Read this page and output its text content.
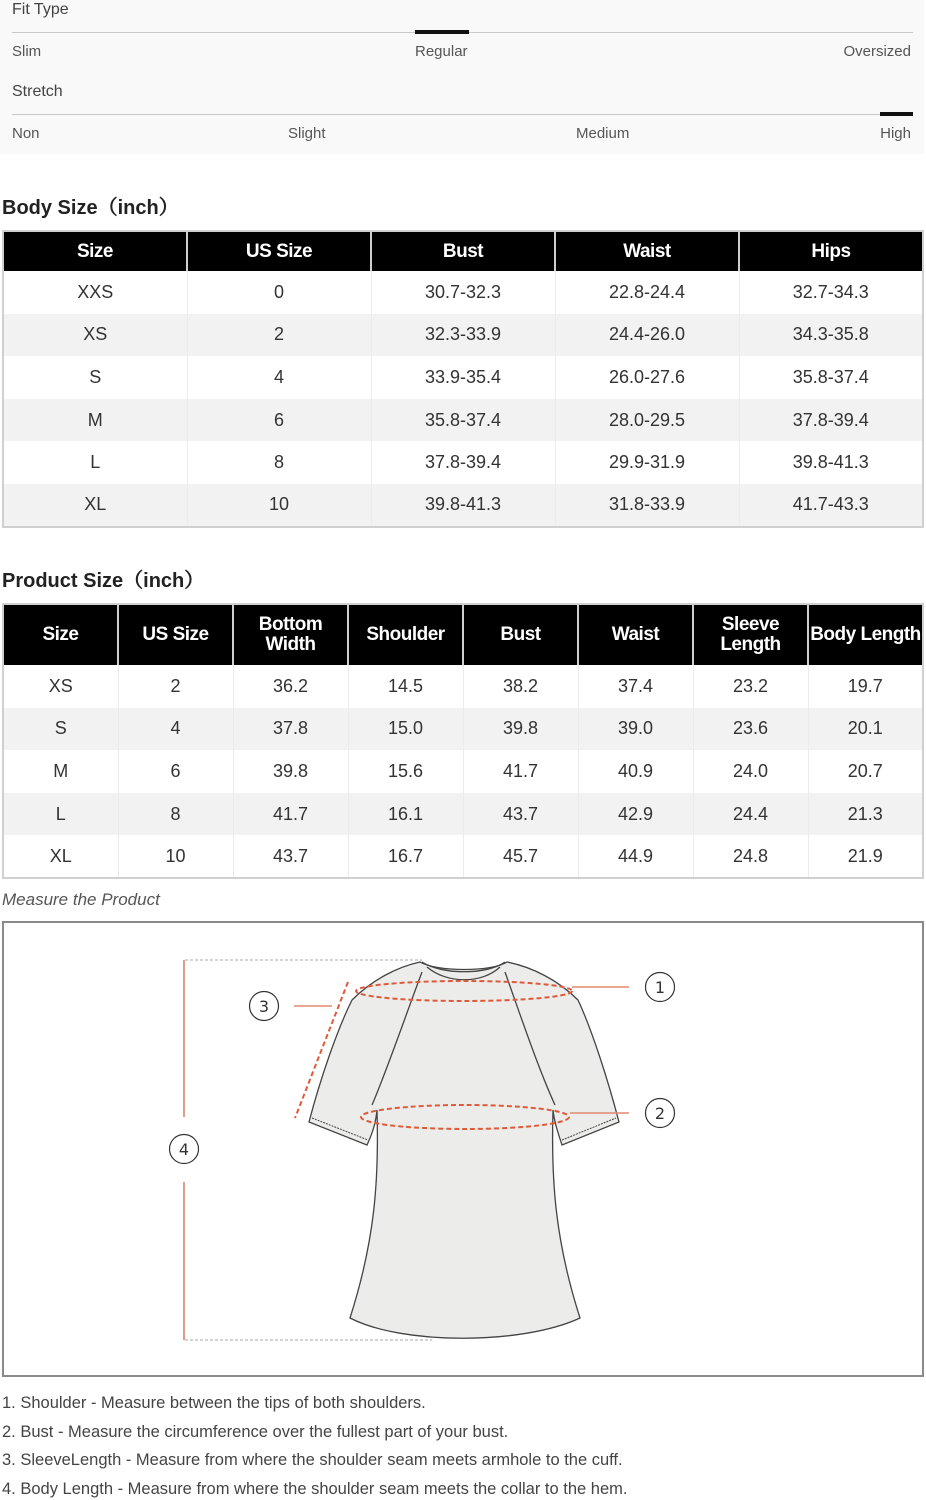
Fit Type
Slim	Regular	Oversized
Stretch
Non	Slight	Medium	High
Body Size（inch）
Size	US Size	Bust	Waist	Hips
XXS	0	30.7-32.3	22.8-24.4	32.7-34.3
XS	2	32.3-33.9	24.4-26.0	34.3-35.8
S	4	33.9-35.4	26.0-27.6	35.8-37.4
M	6	35.8-37.4	28.0-29.5	37.8-39.4
L	8	37.8-39.4	29.9-31.9	39.8-41.3
XL	10	39.8-41.3	31.8-33.9	41.7-43.3
Product Size（inch）
Size	US Size	Bottom Width	Shoulder	Bust	Waist	Sleeve Length	Body Length
XS	2	36.2	14.5	38.2	37.4	23.2	19.7
S	4	37.8	15.0	39.8	39.0	23.6	20.1
M	6	39.8	15.6	41.7	40.9	24.0	20.7
L	8	41.7	16.1	43.7	42.9	24.4	21.3
XL	10	43.7	16.7	45.7	44.9	24.8	21.9
Measure the Product
1
2
3
4
1. Shoulder - Measure between the tips of both shoulders.
2. Bust - Measure the circumference over the fullest part of your bust.
3. SleeveLength - Measure from where the shoulder seam meets armhole to the cuff.
4. Body Length - Measure from where the shoulder seam meets the collar to the hem.
